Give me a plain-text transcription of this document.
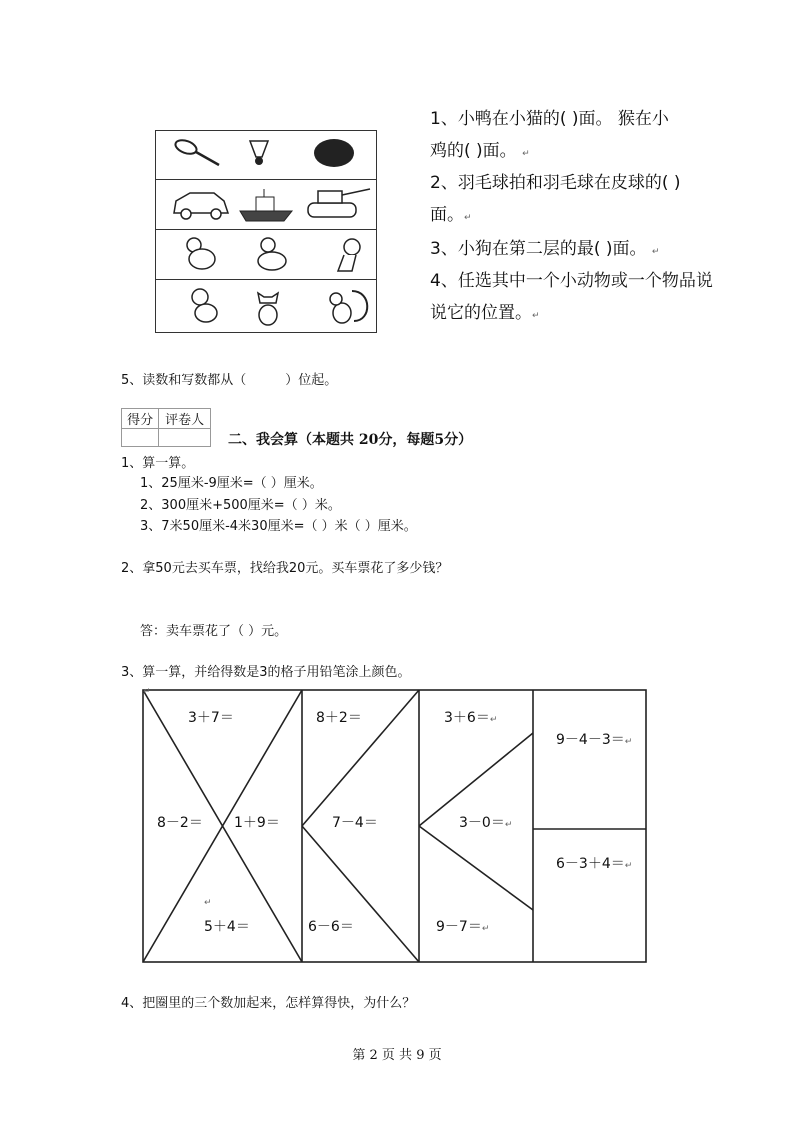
1、小鸭在小猫的( )面。 猴在小
鸡的( )面。 ↵
2、羽毛球拍和羽毛球在皮球的( )
面。↵
3、小狗在第二层的最( )面。 ↵
4、任选其中一个小动物或一个物品说
说它的位置。↵
5、读数和写数都从（　　　）位起。
得分	评卷人

二、我会算（本题共 20分，每题5分）
1、算一算。
1、25厘米-9厘米=（ ）厘米。
2、300厘米+500厘米=（ ）米。
3、7米50厘米-4米30厘米=（ ）米（ ）厘米。
2、拿50元去买车票，找给我20元。买车票花了多少钱？
答：卖车票花了（ ）元。
3、算一算，并给得数是3的格子用铅笔涂上颜色。
3＋7＝
8－2＝ 1＋9＝
5＋4＝
8＋2＝
7－4＝
6－6＝
3＋6＝↵
3－0＝↵
9－7＝↵
9－4－3＝↵
6－3＋4＝↵
↵
↵
4、把圈里的三个数加起来，怎样算得快，为什么？
第 2 页 共 9 页
